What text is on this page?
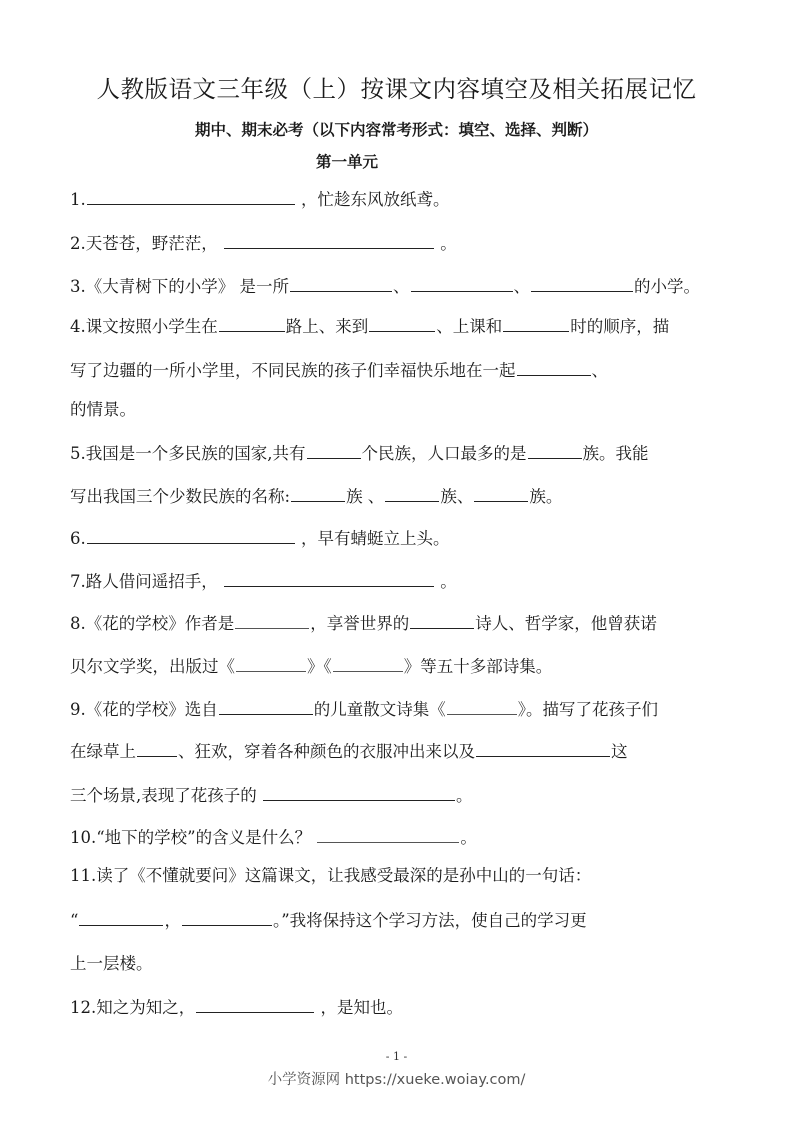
人教版语文三年级（上）按课文内容填空及相关拓展记忆
期中、期末必考（以下内容常考形式：填空、选择、判断）
第一单元
1.	，忙趁东风放纸鸢。
2.天苍苍，野茫茫，	。
3.《大青树下的小学》 是一所	、	、	的小学。
4.课文按照小学生在	路上、来到	、上课和	时的顺序，描
写了边疆的一所小学里，不同民族的孩子们幸福快乐地在一起	、
的情景。
5.我国是一个多民族的国家,共有	个民族，人口最多的是	族。我能
写出我国三个少数民族的名称:	族 、	族、	族。
6.	，早有蜻蜓立上头。
7.路人借问遥招手，	。
8.《花的学校》作者是	，享誉世界的	诗人、哲学家，他曾获诺
贝尔文学奖，出版过《	》《	》等五十多部诗集。
9.《花的学校》选自	的儿童散文诗集《	》。描写了花孩子们
在绿草上	、狂欢，穿着各种颜色的衣服冲出来以及	这
三个场景,表现了花孩子的	。
10.“地下的学校”的含义是什么？	。
11.读了《不懂就要问》这篇课文，让我感受最深的是孙中山的一句话：
“	，	。”我将保持这个学习方法，使自己的学习更
上一层楼。
12.知之为知之，	，是知也。
- 1 -
小学资源网 https://xueke.woiay.com/
